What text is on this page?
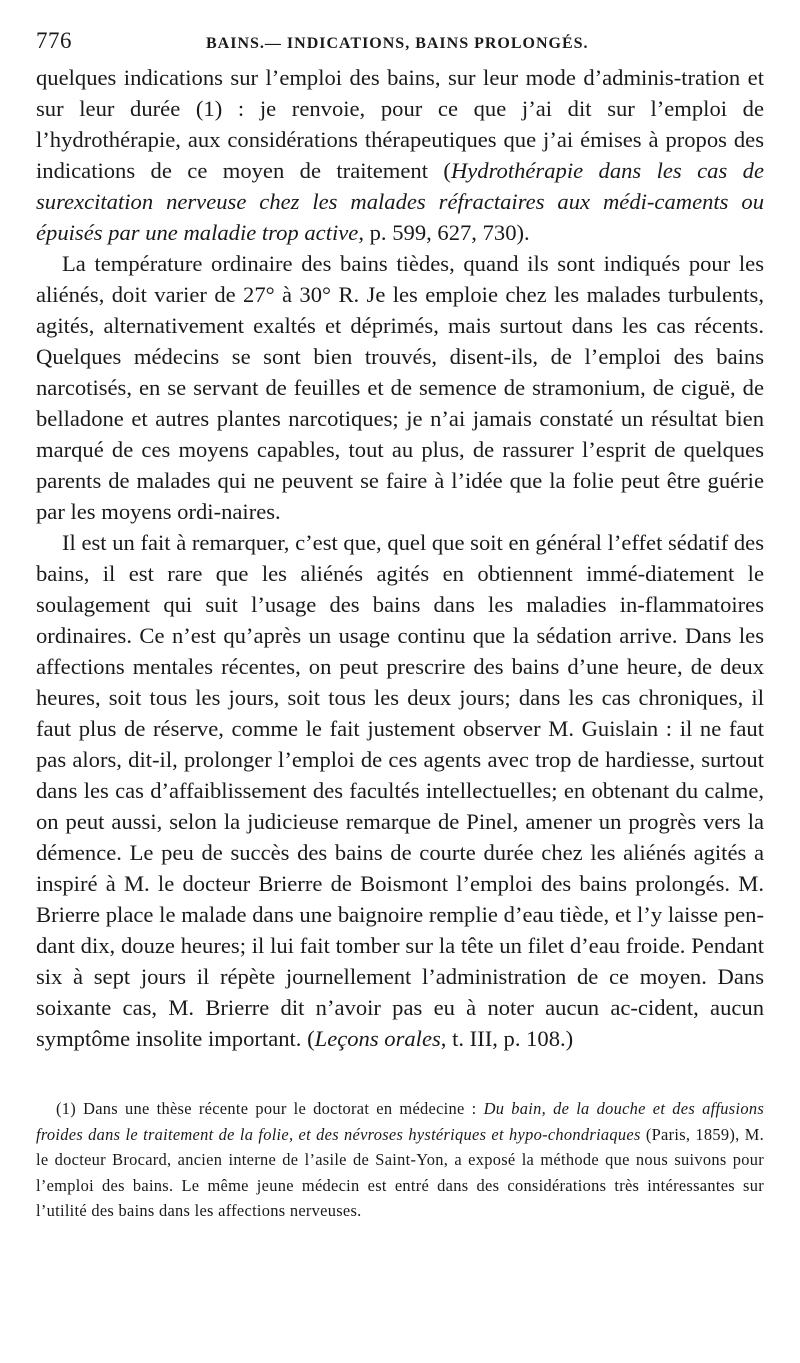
776	BAINS.— INDICATIONS, BAINS PROLONGÉS.

quelques indications sur l’emploi des bains, sur leur mode d’adminis-tration et sur leur durée (1) : je renvoie, pour ce que j’ai dit sur l’emploi de l’hydrothérapie, aux considérations thérapeutiques que j’ai émises à propos des indications de ce moyen de traitement (Hydrothérapie dans les cas de surexcitation nerveuse chez les malades réfractaires aux médi-caments ou épuisés par une maladie trop active, p. 599, 627, 730).

La température ordinaire des bains tièdes, quand ils sont indiqués pour les aliénés, doit varier de 27° à 30° R. Je les emploie chez les malades turbulents, agités, alternativement exaltés et déprimés, mais surtout dans les cas récents. Quelques médecins se sont bien trouvés, disent-ils, de l’emploi des bains narcotisés, en se servant de feuilles et de semence de stramonium, de ciguë, de belladone et autres plantes narcotiques; je n’ai jamais constaté un résultat bien marqué de ces moyens capables, tout au plus, de rassurer l’esprit de quelques parents de malades qui ne peuvent se faire à l’idée que la folie peut être guérie par les moyens ordi-naires.

Il est un fait à remarquer, c’est que, quel que soit en général l’effet sédatif des bains, il est rare que les aliénés agités en obtiennent immé-diatement le soulagement qui suit l’usage des bains dans les maladies in-flammatoires ordinaires. Ce n’est qu’après un usage continu que la sédation arrive. Dans les affections mentales récentes, on peut prescrire des bains d’une heure, de deux heures, soit tous les jours, soit tous les deux jours; dans les cas chroniques, il faut plus de réserve, comme le fait justement observer M. Guislain : il ne faut pas alors, dit-il, prolonger l’emploi de ces agents avec trop de hardiesse, surtout dans les cas d’affaiblissement des facultés intellectuelles; en obtenant du calme, on peut aussi, selon la judicieuse remarque de Pinel, amener un progrès vers la démence. Le peu de succès des bains de courte durée chez les aliénés agités a inspiré à M. le docteur Brierre de Boismont l’emploi des bains prolongés. M. Brierre place le malade dans une baignoire remplie d’eau tiède, et l’y laisse pen-dant dix, douze heures; il lui fait tomber sur la tête un filet d’eau froide. Pendant six à sept jours il répète journellement l’administration de ce moyen. Dans soixante cas, M. Brierre dit n’avoir pas eu à noter aucun ac-cident, aucun symptôme insolite important. (Leçons orales, t. III, p. 108.)

(1) Dans une thèse récente pour le doctorat en médecine : Du bain, de la douche et des affusions froides dans le traitement de la folie, et des névroses hystériques et hypo-chondriaques (Paris, 1859), M. le docteur Brocard, ancien interne de l’asile de Saint-Yon, a exposé la méthode que nous suivons pour l’emploi des bains. Le même jeune médecin est entré dans des considérations très intéressantes sur l’utilité des bains dans les affections nerveuses.
